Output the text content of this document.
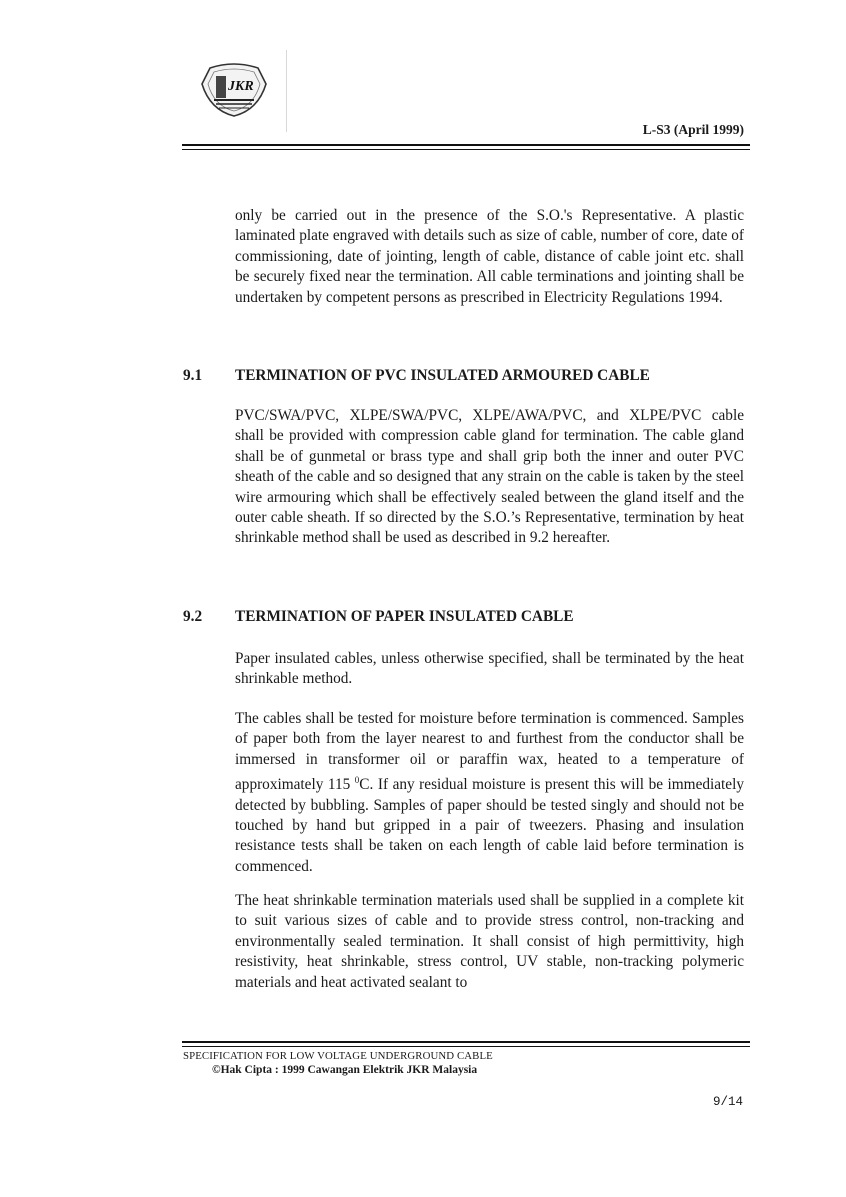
JKR
L-S3 (April 1999)
only be carried out in the presence of the S.O.'s Representative. A plastic laminated plate engraved with details such as size of cable, number of core, date of commissioning, date of jointing, length of cable, distance of cable joint etc. shall be securely fixed near the termination. All cable terminations and jointing shall be undertaken by competent persons as prescribed in Electricity Regulations 1994.
9.1 TERMINATION OF PVC INSULATED ARMOURED CABLE
PVC/SWA/PVC, XLPE/SWA/PVC, XLPE/AWA/PVC, and XLPE/PVC cable shall be provided with compression cable gland for termination. The cable gland shall be of gunmetal or brass type and shall grip both the inner and outer PVC sheath of the cable and so designed that any strain on the cable is taken by the steel wire armouring which shall be effectively sealed between the gland itself and the outer cable sheath. If so directed by the S.O.’s Representative, termination by heat shrinkable method shall be used as described in 9.2 hereafter.
9.2 TERMINATION OF PAPER INSULATED CABLE
Paper insulated cables, unless otherwise specified, shall be terminated by the heat shrinkable method.
The cables shall be tested for moisture before termination is commenced. Samples of paper both from the layer nearest to and furthest from the conductor shall be immersed in transformer oil or paraffin wax, heated to a temperature of approximately 115 $^0$C. If any residual moisture is present this will be immediately detected by bubbling. Samples of paper should be tested singly and should not be touched by hand but gripped in a pair of tweezers. Phasing and insulation resistance tests shall be taken on each length of cable laid before termination is commenced.
The heat shrinkable termination materials used shall be supplied in a complete kit to suit various sizes of cable and to provide stress control, non-tracking and environmentally sealed termination. It shall consist of high permittivity, high resistivity, heat shrinkable, stress control, UV stable, non-tracking polymeric materials and heat activated sealant to
SPECIFICATION FOR LOW VOLTAGE UNDERGROUND CABLE
©Hak Cipta : 1999 Cawangan Elektrik JKR Malaysia
9/14
